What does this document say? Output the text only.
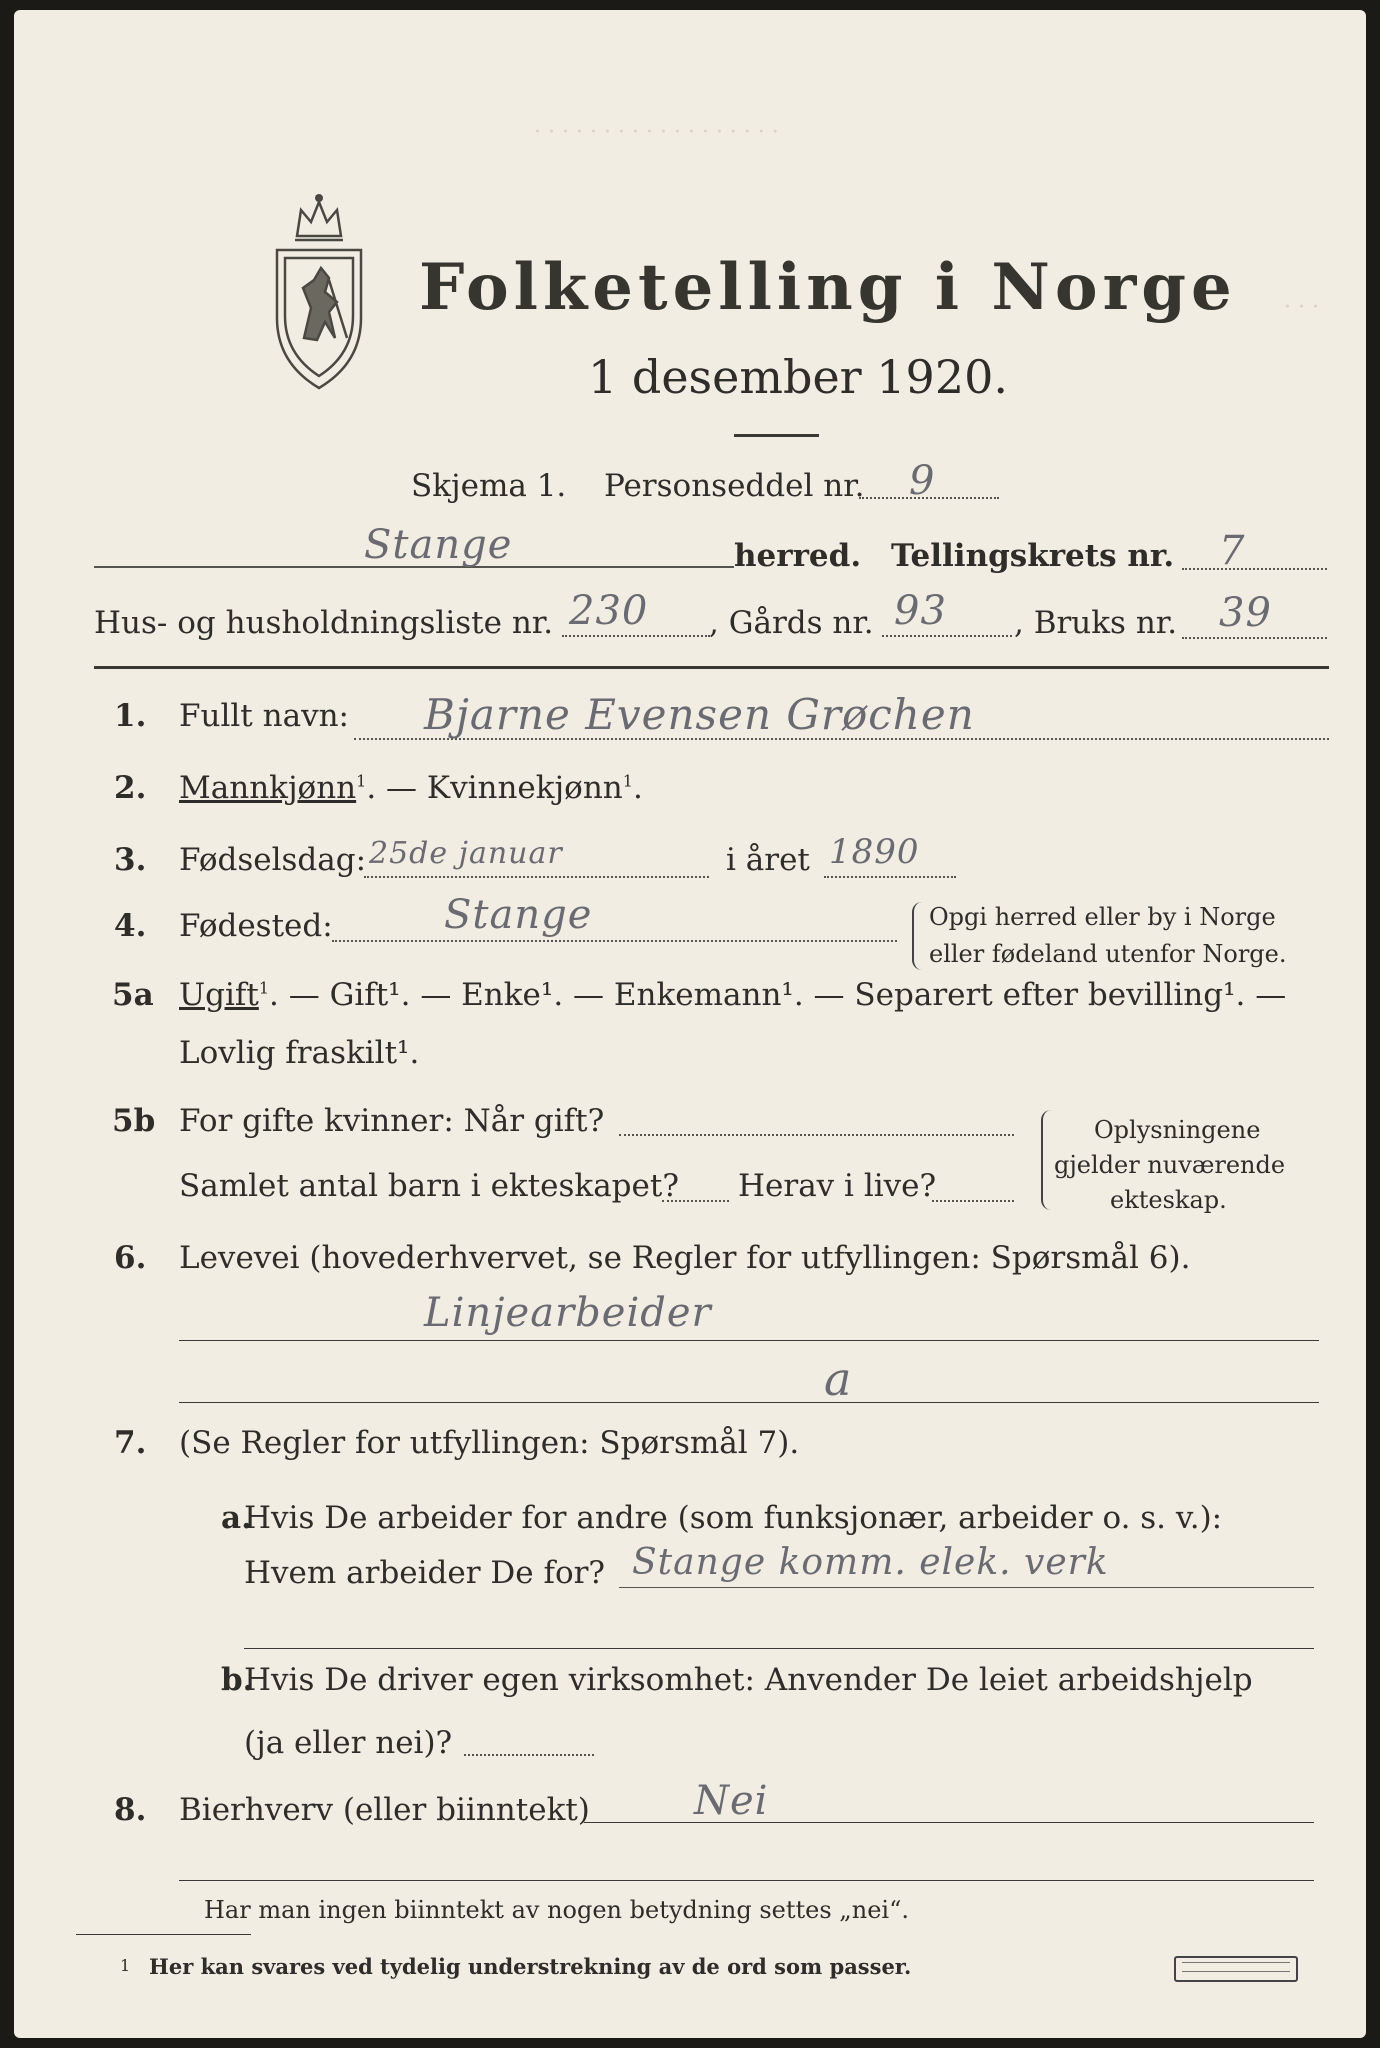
· · · · · · · · · · · · · · · · · ·
· · ·
Folketelling i Norge
1 desember 1920.
Skjema 1. Personseddel nr. 9
Stange	herred. Tellingskrets nr. 7
Hus- og husholdningsliste nr. 230 , Gårds nr. 93 , Bruks nr. 39
1. Fullt navn: Bjarne Evensen Grøchen
2. Mannkjønn$^1$. — Kvinnekjønn$^1$.
3. Fødselsdag: 25de januar	i året 1890
4. Fødested:	Stange	Opgi herred eller by i Norge
eller fødeland utenfor Norge.
5a Ugift$^1$. — Gift¹. — Enke¹. — Enkemann¹. — Separert efter bevilling¹. —
Lovlig fraskilt¹.
5b For gifte kvinner: Når gift?
Samlet antal barn i ekteskapet? Herav i live?
Oplysningene
gjelder nuværende
ekteskap.
6. Levevei (hovederhvervet, se Regler for utfyllingen: Spørsmål 6).
Linjearbeider
a
7. (Se Regler for utfyllingen: Spørsmål 7).
a.
Hvis De arbeider for andre (som funksjonær, arbeider o. s. v.):
Hvem arbeider De for? Stange komm. elek. verk
b.
Hvis De driver egen virksomhet: Anvender De leiet arbeidshjelp
(ja eller nei)?
8. Bierhverv (eller biinntekt)	Nei
Har man ingen biinntekt av nogen betydning settes „nei“.
1 Her kan svares ved tydelig understrekning av de ord som passer.
